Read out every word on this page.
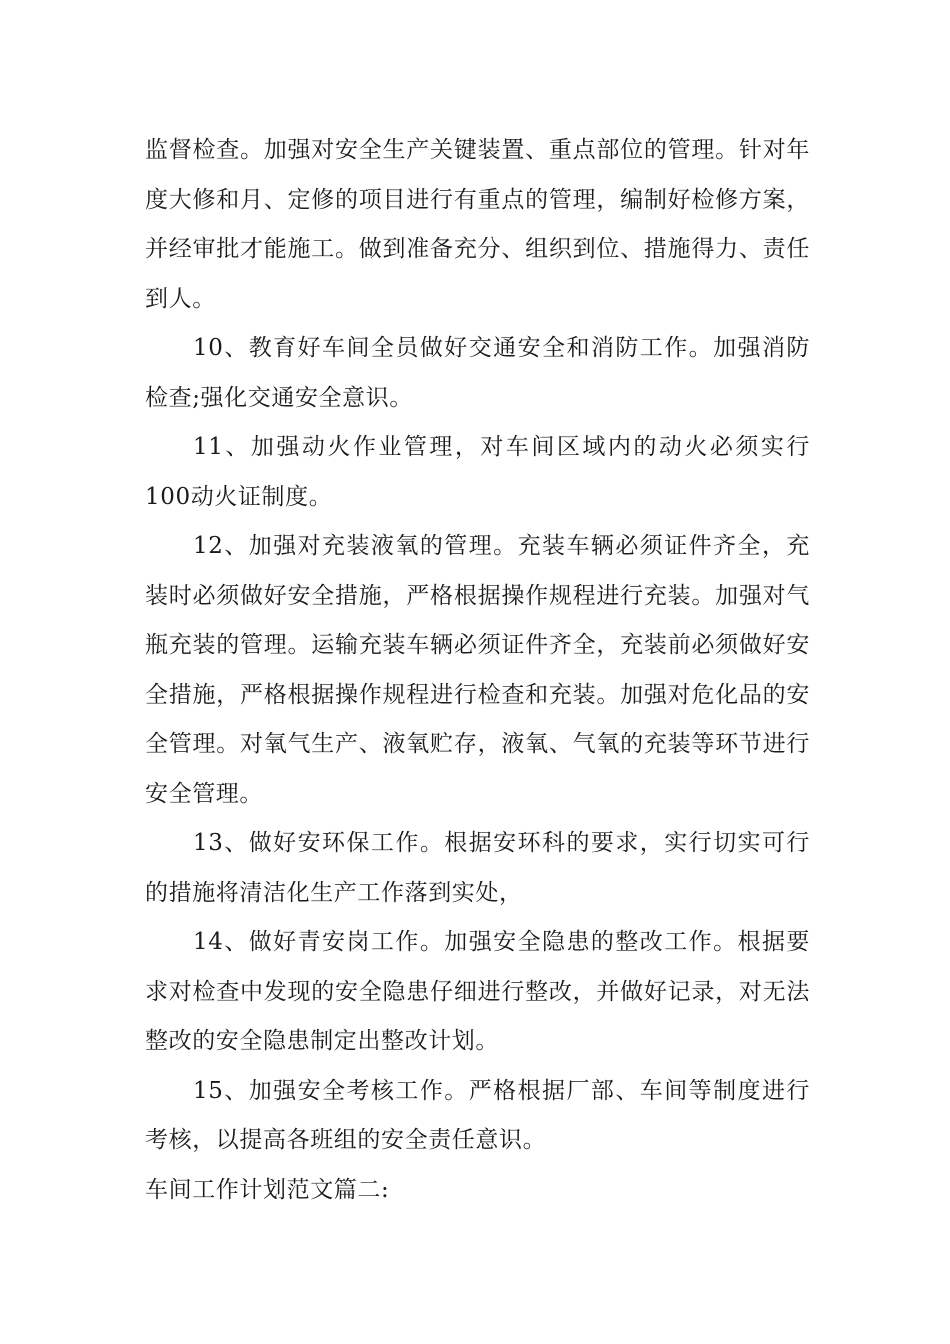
监督检查。加强对安全生产关键装置、重点部位的管理。针对年度大修和月、定修的项目进行有重点的管理，编制好检修方案，并经审批才能施工。做到准备充分、组织到位、措施得力、责任到人。

10、教育好车间全员做好交通安全和消防工作。加强消防检查;强化交通安全意识。

11、加强动火作业管理，对车间区域内的动火必须实行100动火证制度。

12、加强对充装液氧的管理。充装车辆必须证件齐全，充装时必须做好安全措施，严格根据操作规程进行充装。加强对气瓶充装的管理。运输充装车辆必须证件齐全，充装前必须做好安全措施，严格根据操作规程进行检查和充装。加强对危化品的安全管理。对氧气生产、液氧贮存，液氧、气氧的充装等环节进行安全管理。

13、做好安环保工作。根据安环科的要求，实行切实可行的措施将清洁化生产工作落到实处，

14、做好青安岗工作。加强安全隐患的整改工作。根据要求对检查中发现的安全隐患仔细进行整改，并做好记录，对无法整改的安全隐患制定出整改计划。

15、加强安全考核工作。严格根据厂部、车间等制度进行考核，以提高各班组的安全责任意识。

车间工作计划范文篇二:
